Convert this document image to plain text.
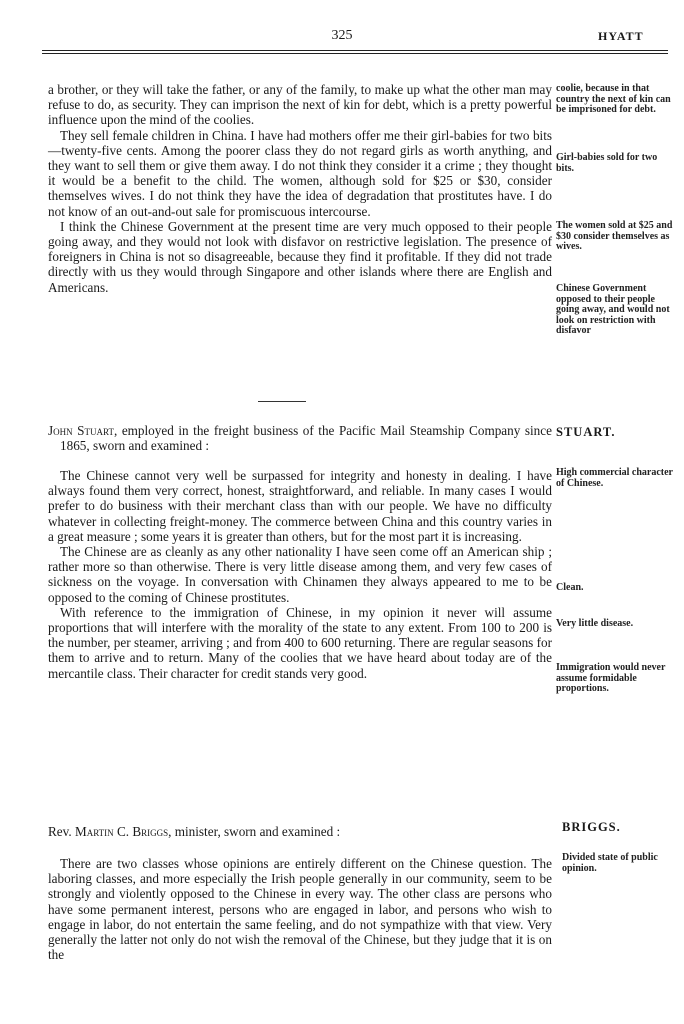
325	HYATT

a brother, or they will take the father, or any of the family, to make up what the other man may refuse to do, as security. They can imprison the next of kin for debt, which is a pretty powerful influence upon the mind of the coolies.

They sell female children in China. I have had mothers offer me their girl-babies for two bits—twenty-five cents. Among the poorer class they do not regard girls as worth anything, and they want to sell them or give them away. I do not think they consider it a crime ; they thought it would be a benefit to the child. The women, although sold for $25 or $30, consider themselves wives. I do not think they have the idea of degradation that prostitutes have. I do not know of an out-and-out sale for promiscuous intercourse.

I think the Chinese Government at the present time are very much opposed to their people going away, and they would not look with disfavor on restrictive legislation. The presence of foreigners in China is not so disagreeable, because they find it profitable. If they did not trade directly with us they would through Singapore and other islands where there are English and Americans.

coolie, because in that country the next of kin can be imprisoned for debt.
Girl-babies sold for two bits.
The women sold at $25 and $30 consider themselves as wives.
Chinese Government opposed to their people going away, and would not look on restriction with disfavor

John Stuart, employed in the freight business of the Pacific Mail Steamship Company since 1865, sworn and examined :

STUART.

The Chinese cannot very well be surpassed for integrity and honesty in dealing. I have always found them very correct, honest, straightforward, and reliable. In many cases I would prefer to do business with their merchant class than with our people. We have no difficulty whatever in collecting freight-money. The commerce between China and this country varies in a great measure ; some years it is greater than others, but for the most part it is increasing.

The Chinese are as cleanly as any other nationality I have seen come off an American ship ; rather more so than otherwise. There is very little disease among them, and very few cases of sickness on the voyage. In conversation with Chinamen they always appeared to me to be opposed to the coming of Chinese prostitutes.

With reference to the immigration of Chinese, in my opinion it never will assume proportions that will interfere with the morality of the state to any extent. From 100 to 200 is the number, per steamer, arriving ; and from 400 to 600 returning. There are regular seasons for them to arrive and to return. Many of the coolies that we have heard about today are of the mercantile class. Their character for credit stands very good.

High commercial character of Chinese.
Clean.
Very little disease.
Immigration would never assume formidable proportions.

Rev. Martin C. Briggs, minister, sworn and examined :	BRIGGS.

There are two classes whose opinions are entirely different on the Chinese question. The laboring classes, and more especially the Irish people generally in our community, seem to be strongly and violently opposed to the Chinese in every way. The other class are persons who have some permanent interest, persons who are engaged in labor, and persons who wish to engage in labor, do not entertain the same feeling, and do not sympathize with that view. Very generally the latter not only do not wish the removal of the Chinese, but they judge that it is on the

Divided state of public opinion.
